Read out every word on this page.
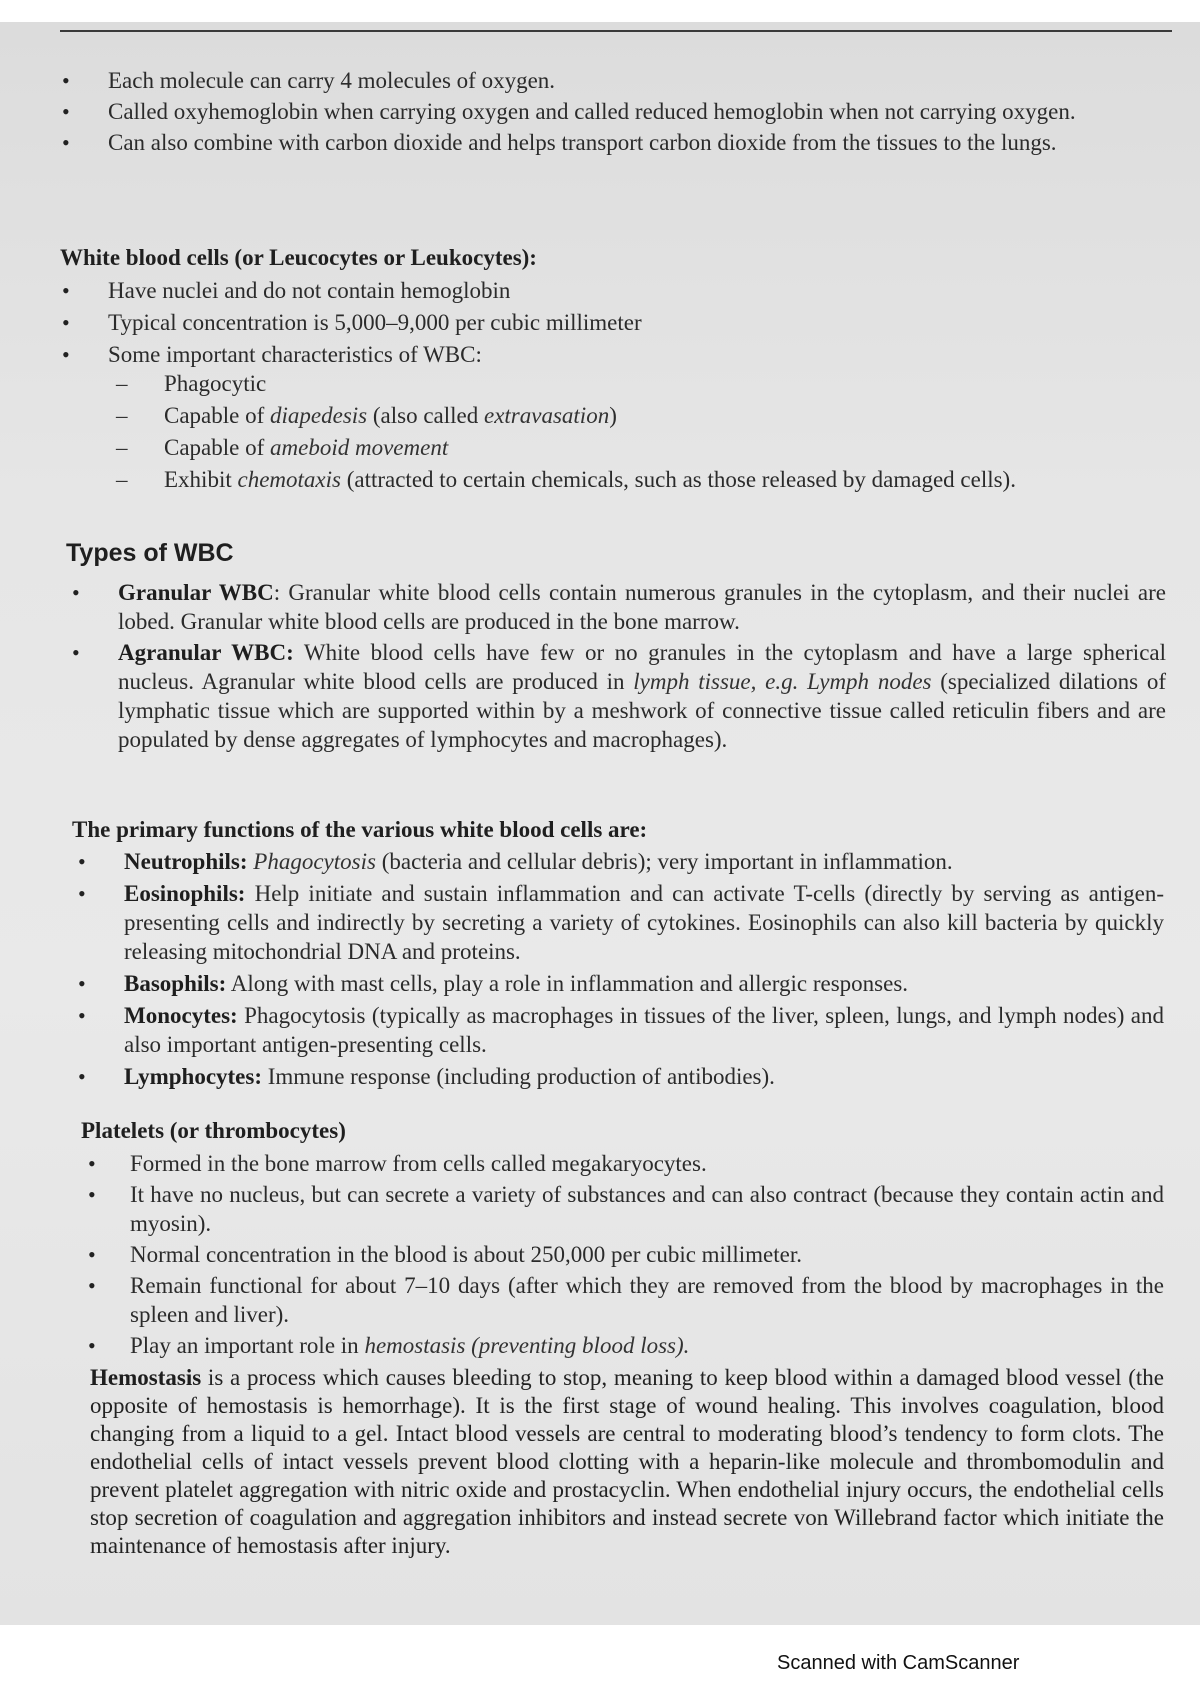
• Each molecule can carry 4 molecules of oxygen.
• Called oxyhemoglobin when carrying oxygen and called reduced hemoglobin when not carrying oxygen.
• Can also combine with carbon dioxide and helps transport carbon dioxide from the tissues to the lungs.
White blood cells (or Leucocytes or Leukocytes):
• Have nuclei and do not contain hemoglobin
• Typical concentration is 5,000–9,000 per cubic millimeter
• Some important characteristics of WBC:
– Phagocytic
– Capable of diapedesis (also called extravasation)
– Capable of ameboid movement
– Exhibit chemotaxis (attracted to certain chemicals, such as those released by damaged cells).
Types of WBC
• Granular WBC: Granular white blood cells contain numerous granules in the cytoplasm, and their nuclei are lobed. Granular white blood cells are produced in the bone marrow.
• Agranular WBC: White blood cells have few or no granules in the cytoplasm and have a large spherical nucleus. Agranular white blood cells are produced in lymph tissue, e.g. Lymph nodes (specialized dilations of lymphatic tissue which are supported within by a meshwork of connective tissue called reticulin fibers and are populated by dense aggregates of lymphocytes and macrophages).
The primary functions of the various white blood cells are:
• Neutrophils: Phagocytosis (bacteria and cellular debris); very important in inflammation.
• Eosinophils: Help initiate and sustain inflammation and can activate T-cells (directly by serving as antigen-presenting cells and indirectly by secreting a variety of cytokines. Eosinophils can also kill bacteria by quickly releasing mitochondrial DNA and proteins.
• Basophils: Along with mast cells, play a role in inflammation and allergic responses.
• Monocytes: Phagocytosis (typically as macrophages in tissues of the liver, spleen, lungs, and lymph nodes) and also important antigen-presenting cells.
• Lymphocytes: Immune response (including production of antibodies).
Platelets (or thrombocytes)
• Formed in the bone marrow from cells called megakaryocytes.
• It have no nucleus, but can secrete a variety of substances and can also contract (because they contain actin and myosin).
• Normal concentration in the blood is about 250,000 per cubic millimeter.
• Remain functional for about 7–10 days (after which they are removed from the blood by macrophages in the spleen and liver).
• Play an important role in hemostasis (preventing blood loss).
Hemostasis is a process which causes bleeding to stop, meaning to keep blood within a damaged blood vessel (the opposite of hemostasis is hemorrhage). It is the first stage of wound healing. This involves coagulation, blood changing from a liquid to a gel. Intact blood vessels are central to moderating blood’s tendency to form clots. The endothelial cells of intact vessels prevent blood clotting with a heparin-like molecule and thrombomodulin and prevent platelet aggregation with nitric oxide and prostacyclin. When endothelial injury occurs, the endothelial cells stop secretion of coagulation and aggregation inhibitors and instead secrete von Willebrand factor which initiate the maintenance of hemostasis after injury.
Scanned with CamScanner
